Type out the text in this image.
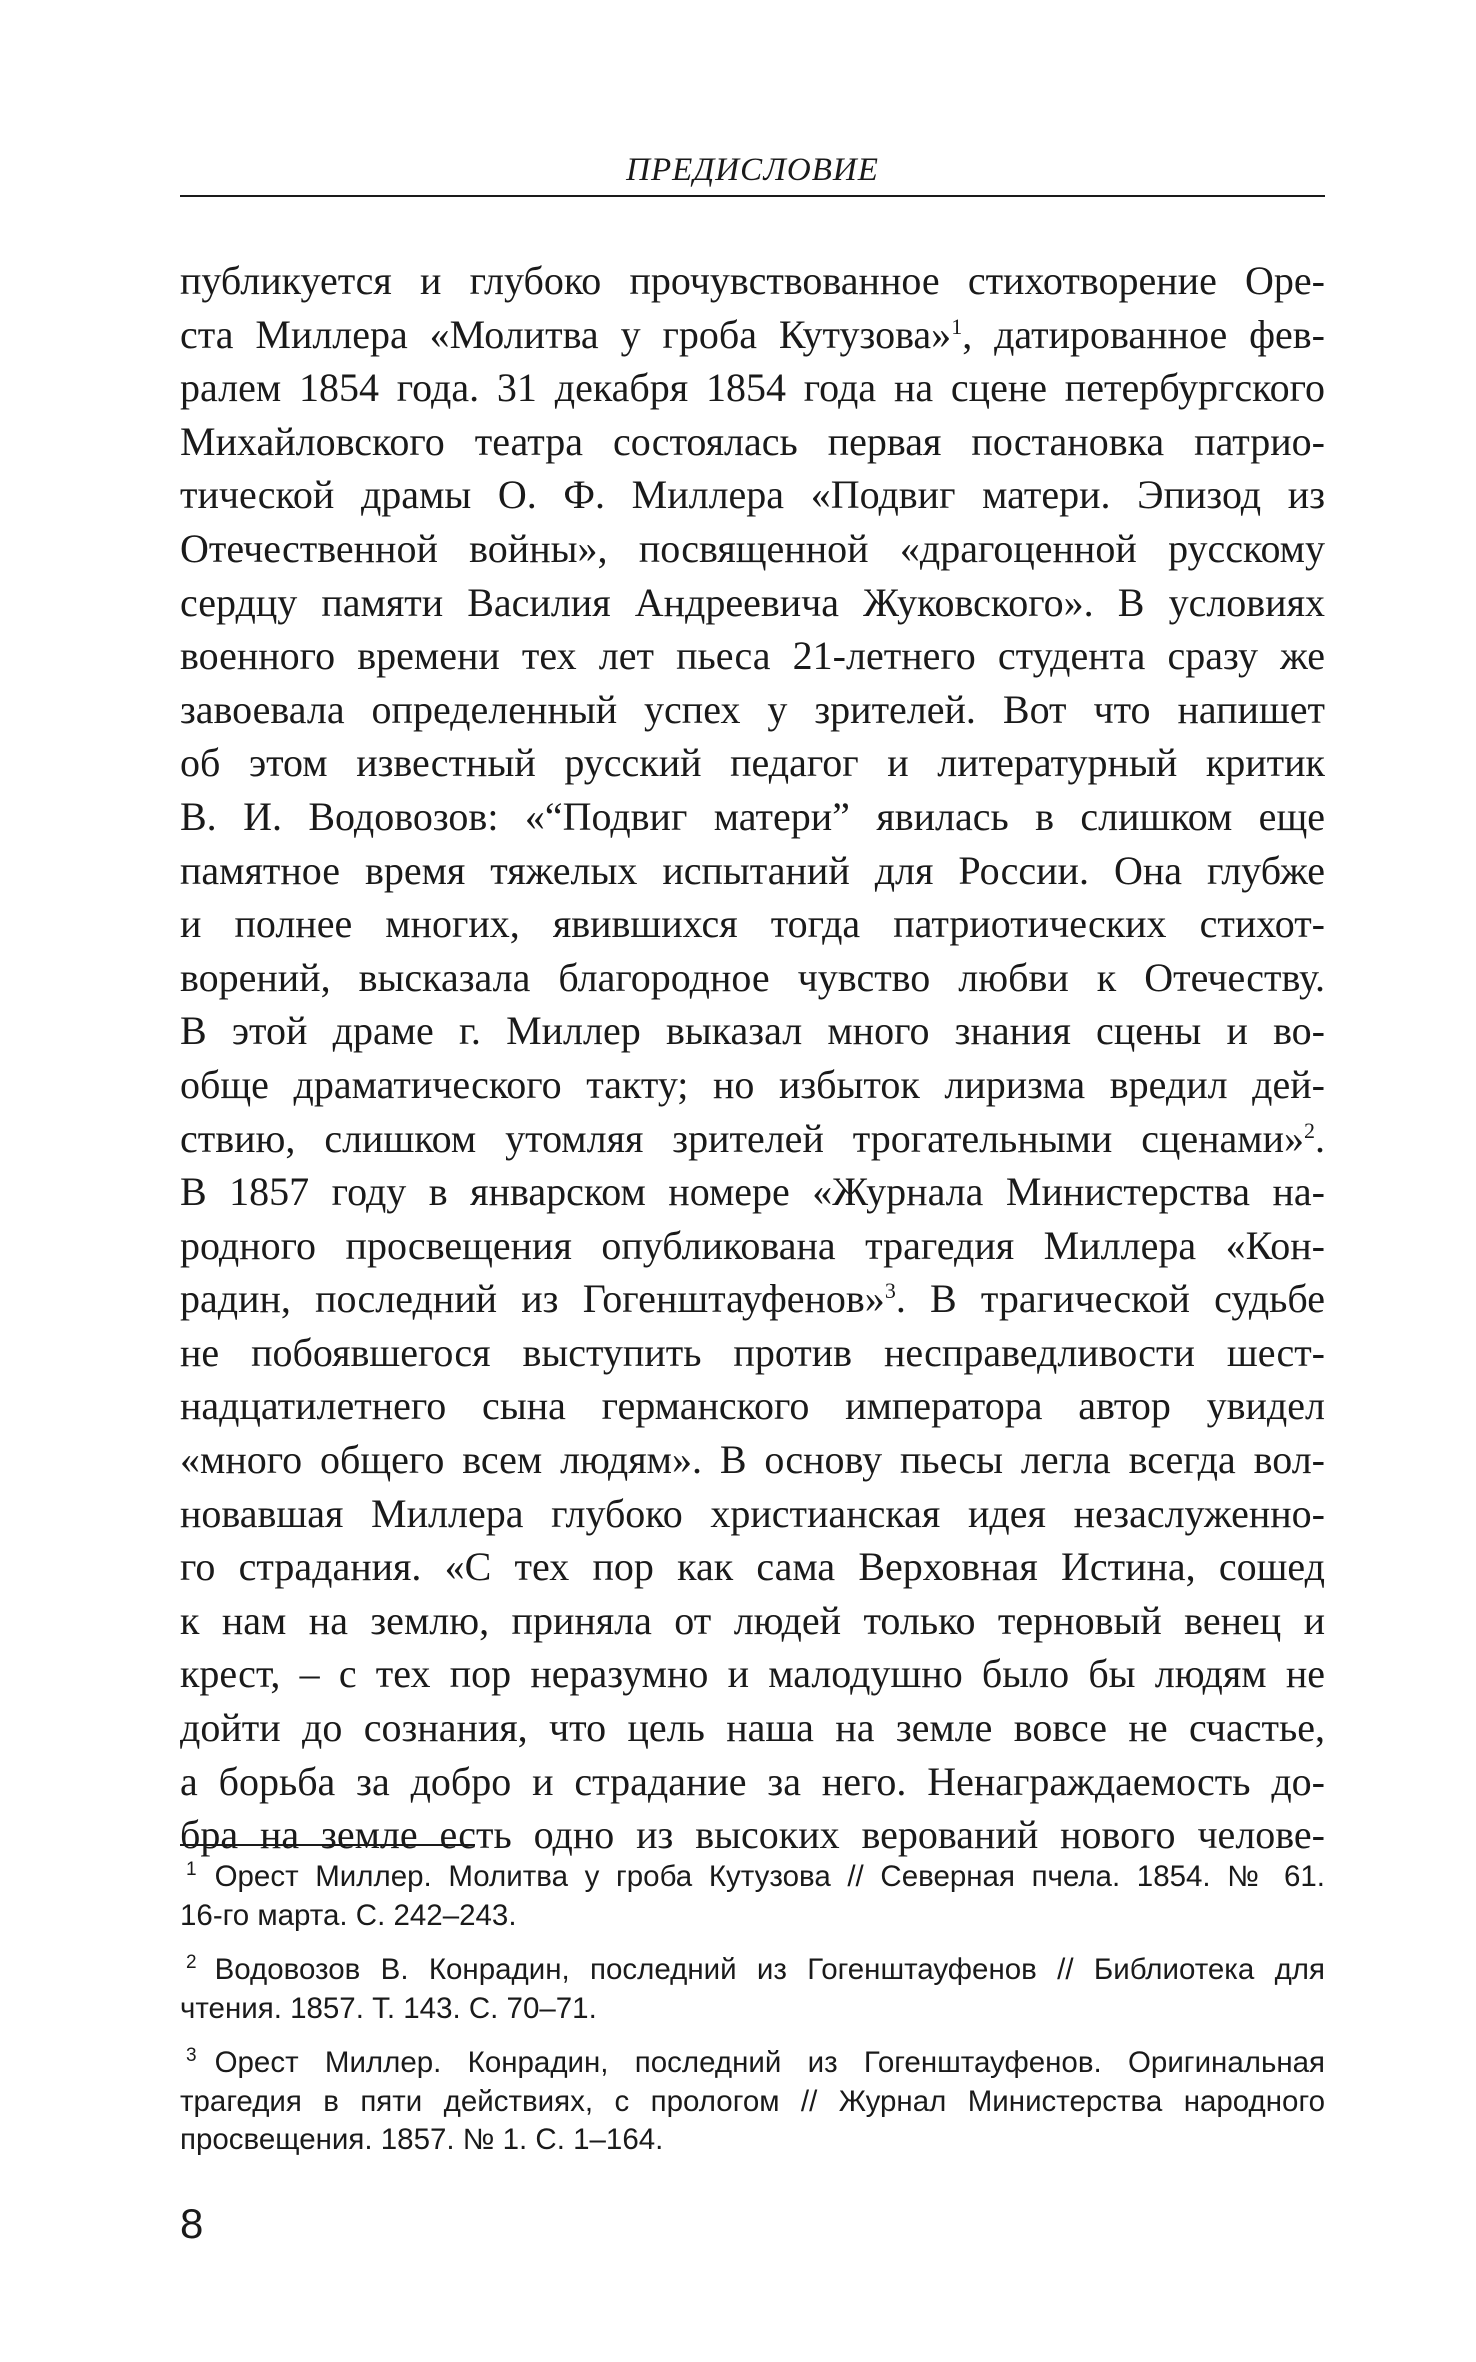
ПРЕДИСЛОВИЕ
публикуется и глубоко прочувствованное стихотворение Оре-
ста Миллера «Молитва у гроба Кутузова»$^1$, датированное фев-
ралем 1854 года. 31 декабря 1854 года на сцене петербургского
Михайловского театра состоялась первая постановка патрио-
тической драмы О. Ф. Миллера «Подвиг матери. Эпизод из
Отечественной войны», посвященной «драгоценной русскому
сердцу памяти Василия Андреевича Жуковского». В условиях
военного времени тех лет пьеса 21-летнего студента сразу же
завоевала определенный успех у зрителей. Вот что напишет
об этом известный русский педагог и литературный критик
В. И. Водовозов: «“Подвиг матери” явилась в слишком еще
памятное время тяжелых испытаний для России. Она глубже
и полнее многих, явившихся тогда патриотических стихот-
ворений, высказала благородное чувство любви к Отечеству.
В этой драме г. Миллер выказал много знания сцены и во-
обще драматического такту; но избыток лиризма вредил дей-
ствию, слишком утомляя зрителей трогательными сценами»$^2$.
В 1857 году в январском номере «Журнала Министерства на-
родного просвещения опубликована трагедия Миллера «Кон-
радин, последний из Гогенштауфенов»$^3$. В трагической судьбе
не побоявшегося выступить против несправедливости шест-
надцатилетнего сына германского императора автор увидел
«много общего всем людям». В основу пьесы легла всегда вол-
новавшая Миллера глубоко христианская идея незаслуженно-
го страдания. «С тех пор как сама Верховная Истина, сошед
к нам на землю, приняла от людей только терновый венец и
крест, – с тех пор неразумно и малодушно было бы людям не
дойти до сознания, что цель наша на земле вовсе не счастье,
а борьба за добро и страдание за него. Ненаграждаемость до-
бра на земле есть одно из высоких верований нового челове-
$^1$ Орест Миллер. Молитва у гроба Кутузова // Северная пчела. 1854. № 61.
16-го марта. С. 242–243.
$^2$ Водовозов В. Конрадин, последний из Гогенштауфенов // Библиотека для
чтения. 1857. Т. 143. С. 70–71.
$^3$ Орест Миллер. Конрадин, последний из Гогенштауфенов. Оригинальная
трагедия в пяти действиях, с прологом // Журнал Министерства народного
просвещения. 1857. № 1. С. 1–164.
8
